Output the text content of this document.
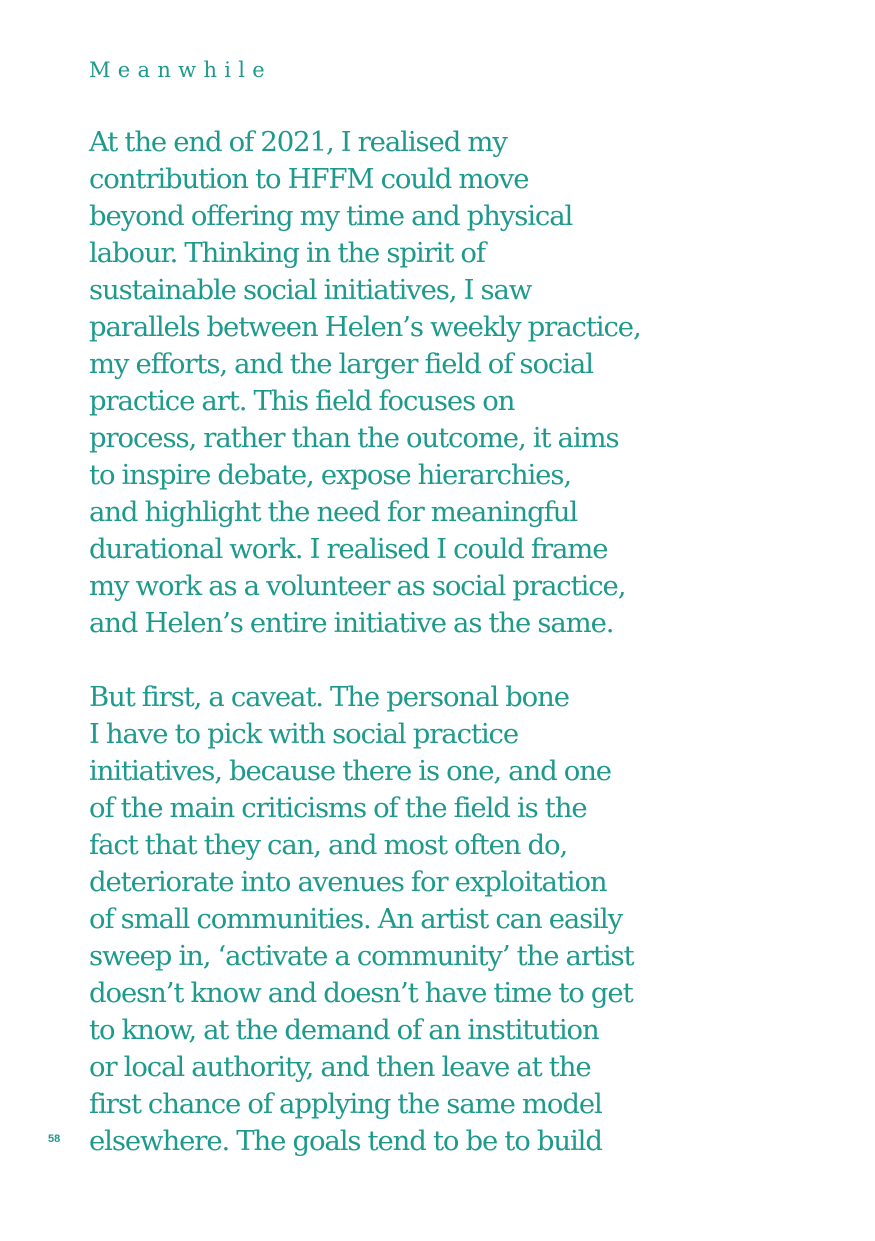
Meanwhile

At the end of 2021, I realised my
contribution to HFFM could move
beyond offering my time and physical
labour. Thinking in the spirit of
sustainable social initiatives, I saw
parallels between Helen’s weekly practice,
my efforts, and the larger field of social
practice art. This field focuses on
process, rather than the outcome, it aims
to inspire debate, expose hierarchies,
and highlight the need for meaningful
durational work. I realised I could frame
my work as a volunteer as social practice,
and Helen’s entire initiative as the same.

But first, a caveat. The personal bone
I have to pick with social practice
initiatives, because there is one, and one
of the main criticisms of the field is the
fact that they can, and most often do,
deteriorate into avenues for exploitation
of small communities. An artist can easily
sweep in, ‘activate a community’ the artist
doesn’t know and doesn’t have time to get
to know, at the demand of an institution
or local authority, and then leave at the
first chance of applying the same model
elsewhere. The goals tend to be to build

58
